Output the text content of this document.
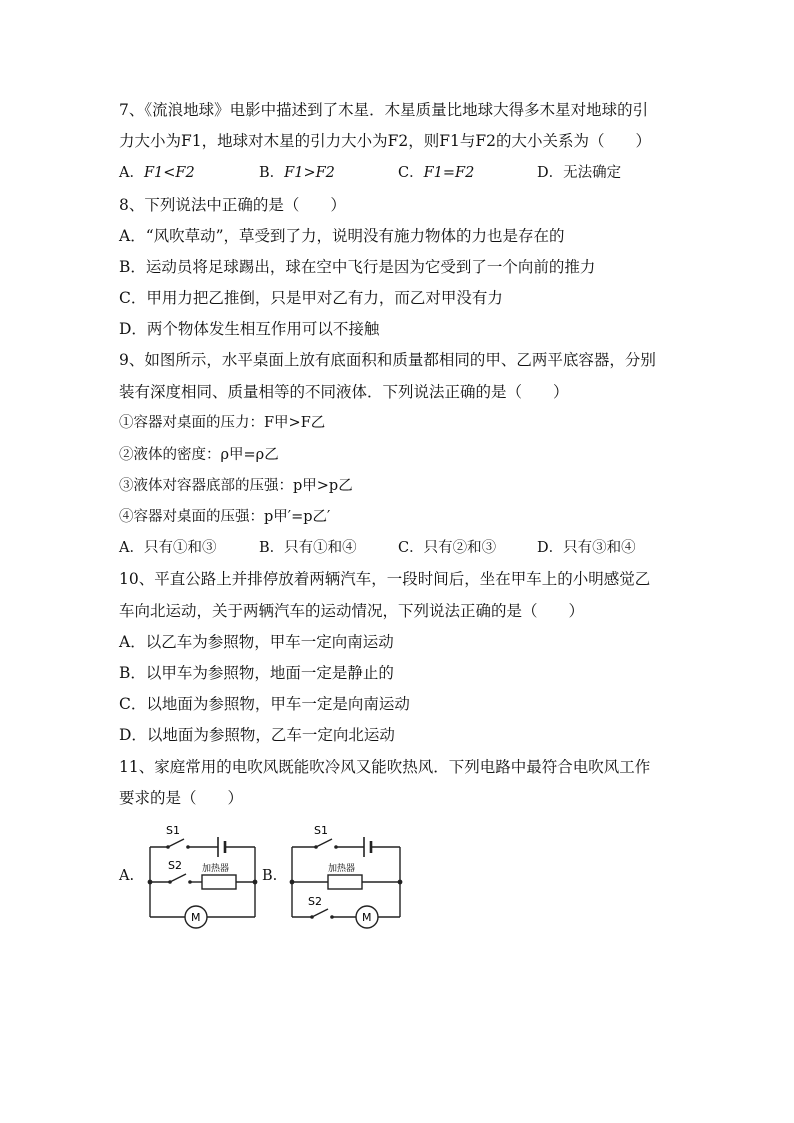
7、《流浪地球》电影中描述到了木星．木星质量比地球大得多木星对地球的引
力大小为F1，地球对木星的引力大小为F2，则F1与F2的大小关系为（　　）
A．F1<F2	B．F1>F2	C．F1=F2	D．无法确定
8、下列说法中正确的是（　　）
A．“风吹草动”，草受到了力，说明没有施力物体的力也是存在的
B．运动员将足球踢出，球在空中飞行是因为它受到了一个向前的推力
C．甲用力把乙推倒，只是甲对乙有力，而乙对甲没有力
D．两个物体发生相互作用可以不接触
9、如图所示，水平桌面上放有底面积和质量都相同的甲、乙两平底容器，分别
装有深度相同、质量相等的不同液体．下列说法正确的是（　　）
①容器对桌面的压力：F甲>F乙
②液体的密度：ρ甲=ρ乙
③液体对容器底部的压强：p甲>p乙
④容器对桌面的压强：p甲′=p乙′
A．只有①和③	B．只有①和④	C．只有②和③	D．只有③和④
10、平直公路上并排停放着两辆汽车，一段时间后，坐在甲车上的小明感觉乙
车向北运动，关于两辆汽车的运动情况，下列说法正确的是（　　）
A．以乙车为参照物，甲车一定向南运动
B．以甲车为参照物，地面一定是静止的
C．以地面为参照物，甲车一定是向南运动
D．以地面为参照物，乙车一定向北运动
11、家庭常用的电吹风既能吹冷风又能吹热风．下列电路中最符合电吹风工作
要求的是（　　）
A.
S1
S2 加热器
M
B.
S1
S2
加热器
M
